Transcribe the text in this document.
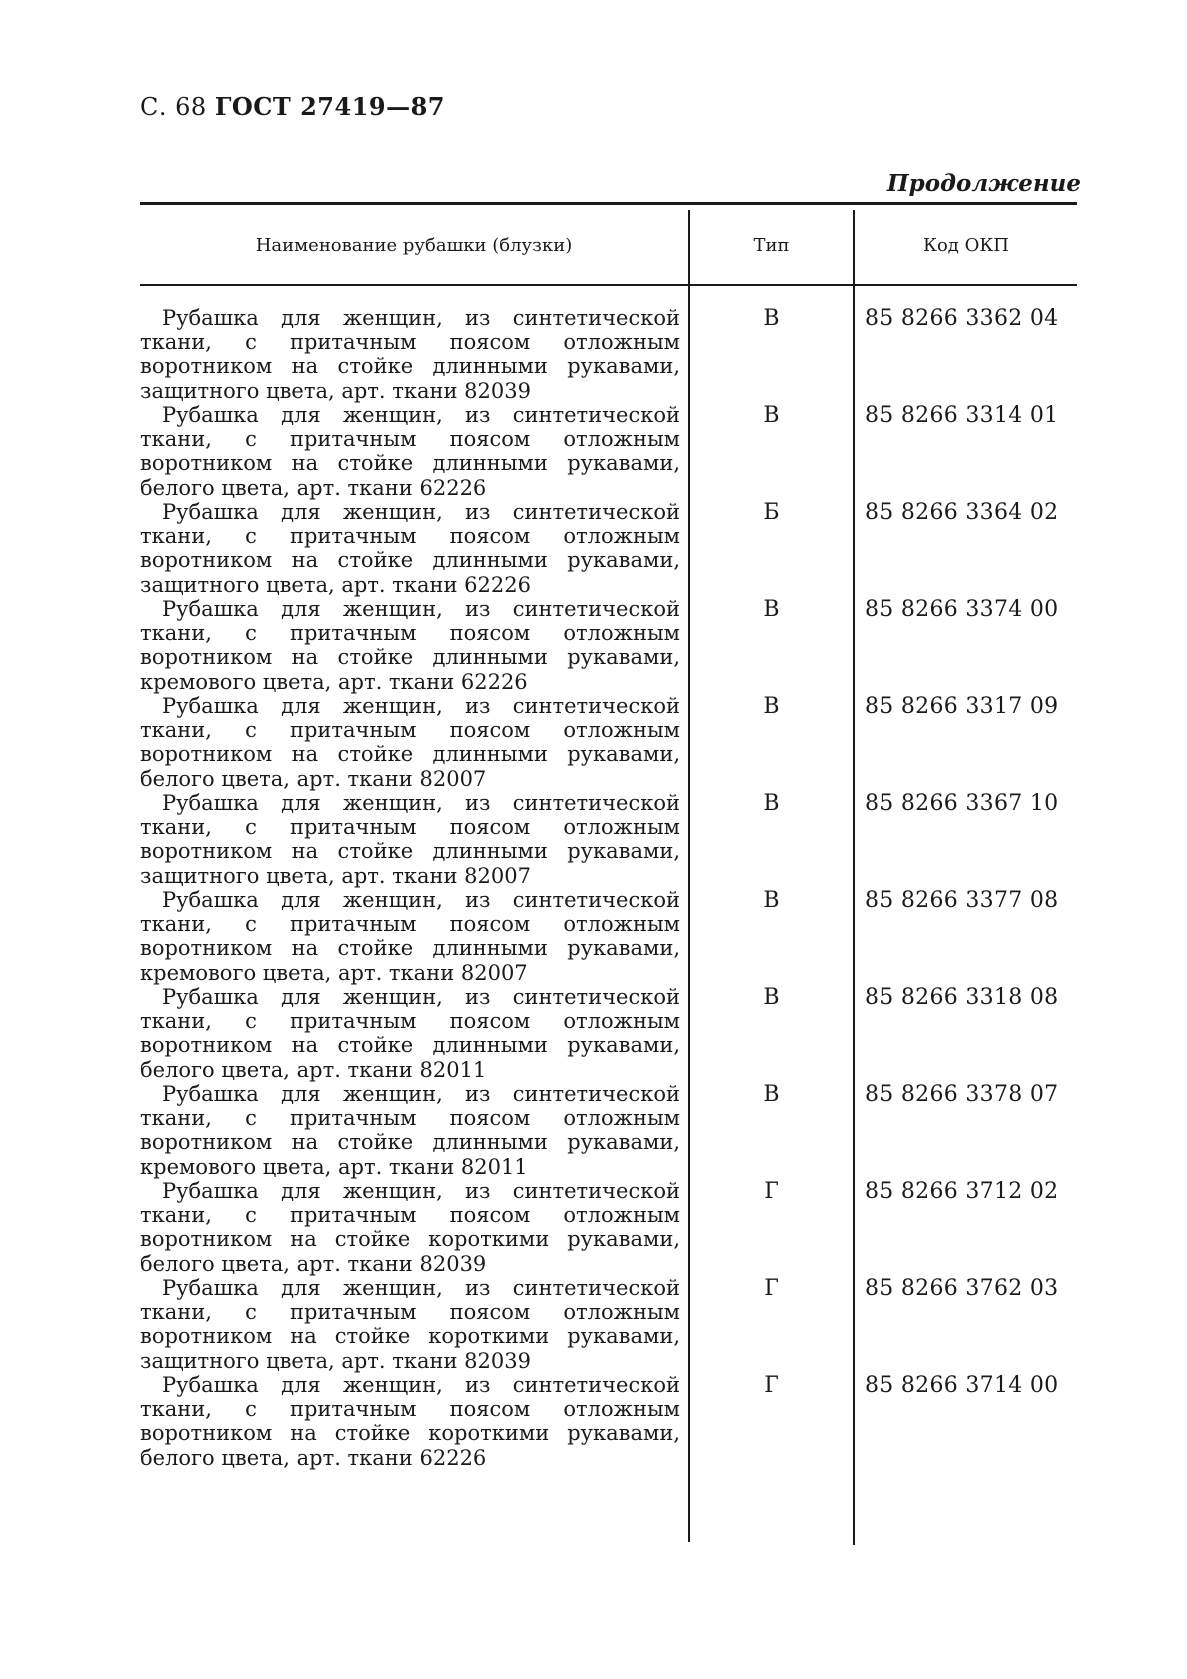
С. 68 ГОСТ 27419—87
Продолжение
Наименование рубашки (блузки)	Тип	Код ОКП
Рубашка для женщин, из синтетической ткани, с притачным поясом отложным воротником на стойке длинными рукавами, защитного цвета, арт. ткани 82039
В	85 8266 3362 04
Рубашка для женщин, из синтетической ткани, с притачным поясом отложным воротником на стойке длинными рукавами, белого цвета, арт. ткани 62226
В	85 8266 3314 01
Рубашка для женщин, из синтетической ткани, с притачным поясом отложным воротником на стойке длинными рукавами, защитного цвета, арт. ткани 62226
Б	85 8266 3364 02
Рубашка для женщин, из синтетической ткани, с притачным поясом отложным воротником на стойке длинными рукавами, кремового цвета, арт. ткани 62226
В	85 8266 3374 00
Рубашка для женщин, из синтетической ткани, с притачным поясом отложным воротником на стойке длинными рукавами, белого цвета, арт. ткани 82007
В	85 8266 3317 09
Рубашка для женщин, из синтетической ткани, с притачным поясом отложным воротником на стойке длинными рукавами, защитного цвета, арт. ткани 82007
В	85 8266 3367 10
Рубашка для женщин, из синтетической ткани, с притачным поясом отложным воротником на стойке длинными рукавами, кремового цвета, арт. ткани 82007
В	85 8266 3377 08
Рубашка для женщин, из синтетической ткани, с притачным поясом отложным воротником на стойке длинными рукавами, белого цвета, арт. ткани 82011
В	85 8266 3318 08
Рубашка для женщин, из синтетической ткани, с притачным поясом отложным воротником на стойке длинными рукавами, кремового цвета, арт. ткани 82011
В	85 8266 3378 07
Рубашка для женщин, из синтетической ткани, с притачным поясом отложным воротником на стойке короткими рукавами, белого цвета, арт. ткани 82039
Г	85 8266 3712 02
Рубашка для женщин, из синтетической ткани, с притачным поясом отложным воротником на стойке короткими рукавами, защитного цвета, арт. ткани 82039
Г	85 8266 3762 03
Рубашка для женщин, из синтетической ткани, с притачным поясом отложным воротником на стойке короткими рукавами, белого цвета, арт. ткани 62226
Г	85 8266 3714 00
